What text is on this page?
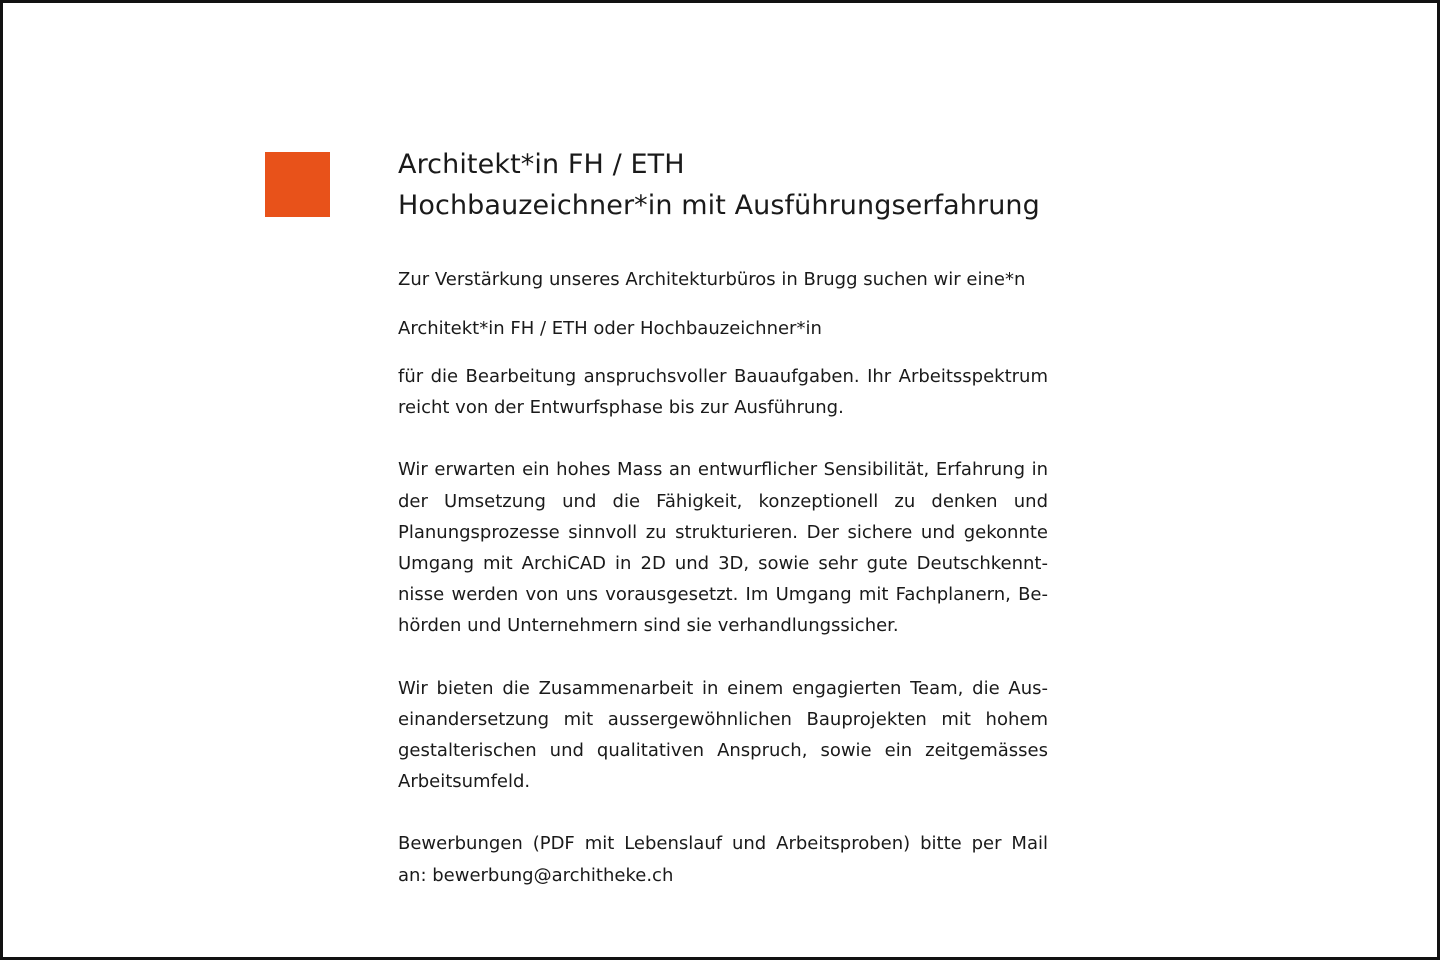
Architekt*in FH / ETH
Hochbauzeichner*in mit Ausführungserfahrung

Zur Verstärkung unseres Architekturbüros in Brugg suchen wir eine*n

Architekt*in FH / ETH oder Hochbauzeichner*in

für die Bearbeitung anspruchsvoller Bauaufgaben. Ihr Arbeitsspektrum reicht von der Entwurfsphase bis zur Ausführung.

Wir erwarten ein hohes Mass an entwurflicher Sensibilität, Erfahrung in der Umsetzung und die Fähigkeit, konzeptionell zu denken und Planungsprozesse sinnvoll zu strukturieren. Der sichere und gekonnte Umgang mit ArchiCAD in 2D und 3D, sowie sehr gute Deutschkennt-nisse werden von uns vorausgesetzt. Im Umgang mit Fachplanern, Be-hörden und Unternehmern sind sie verhandlungssicher.

Wir bieten die Zusammenarbeit in einem engagierten Team, die Aus-einandersetzung mit aussergewöhnlichen Bauprojekten mit hohem gestalterischen und qualitativen Anspruch, sowie ein zeitgemässes Arbeitsumfeld.

Bewerbungen (PDF mit Lebenslauf und Arbeitsproben) bitte per Mail an: bewerbung@architheke.ch
